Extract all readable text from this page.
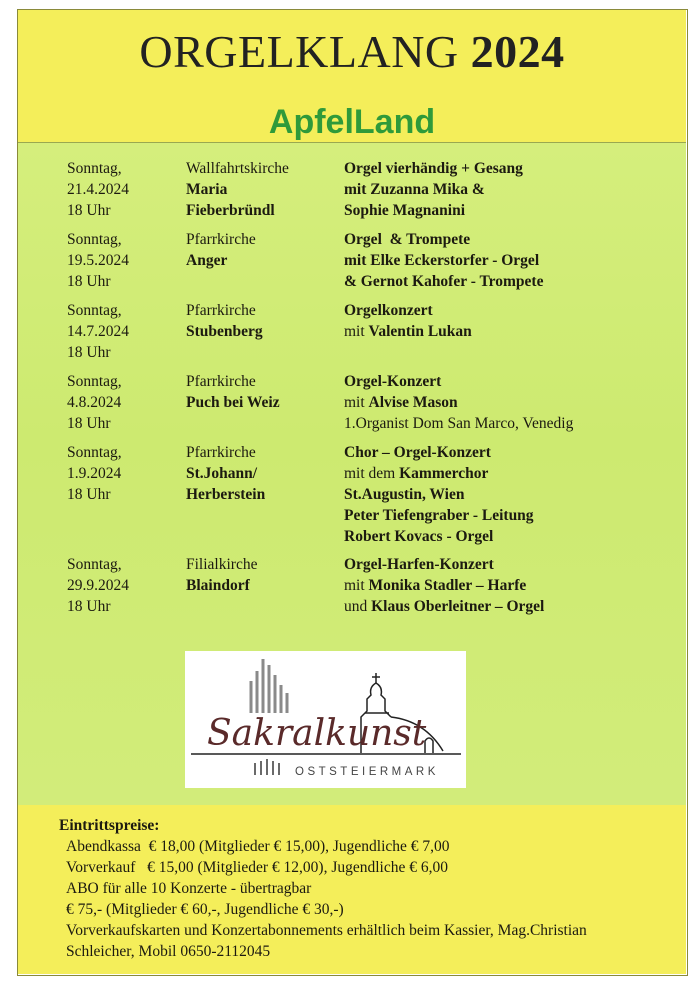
ORGELKLANG 2024
ApfelLand
Sonntag,
21.4.2024
18 Uhr
Wallfahrtskirche
Maria
Fieberbründl
Orgel vierhändig + Gesang
mit Zuzanna Mika &
Sophie Magnanini
Sonntag,
19.5.2024
18 Uhr
Pfarrkirche
Anger
Orgel  & Trompete
mit Elke Eckerstorfer - Orgel
& Gernot Kahofer - Trompete
Sonntag,
14.7.2024
18 Uhr
Pfarrkirche
Stubenberg
Orgelkonzert
mit Valentin Lukan
Sonntag,
4.8.2024
18 Uhr
Pfarrkirche
Puch bei Weiz
Orgel-Konzert
mit Alvise Mason
1.Organist Dom San Marco, Venedig
Sonntag,
1.9.2024
18 Uhr
Pfarrkirche
St.Johann/
Herberstein
Chor – Orgel-Konzert
mit dem Kammerchor
St.Augustin, Wien
Peter Tiefengraber - Leitung
Robert Kovacs - Orgel
Sonntag,
29.9.2024
18 Uhr
Filialkirche
Blaindorf
Orgel-Harfen-Konzert
mit Monika Stadler – Harfe
und Klaus Oberleitner – Orgel
Sakralkunst
OSTSTEIERMARK
Eintrittspreise:
Abendkassa  € 18,00 (Mitglieder € 15,00), Jugendliche € 7,00
Vorverkauf   € 15,00 (Mitglieder € 12,00), Jugendliche € 6,00
ABO für alle 10 Konzerte - übertragbar
€ 75,- (Mitglieder € 60,-, Jugendliche € 30,-)
Vorverkaufskarten und Konzertabonnements erhältlich beim Kassier, Mag.Christian
Schleicher, Mobil 0650-2112045
